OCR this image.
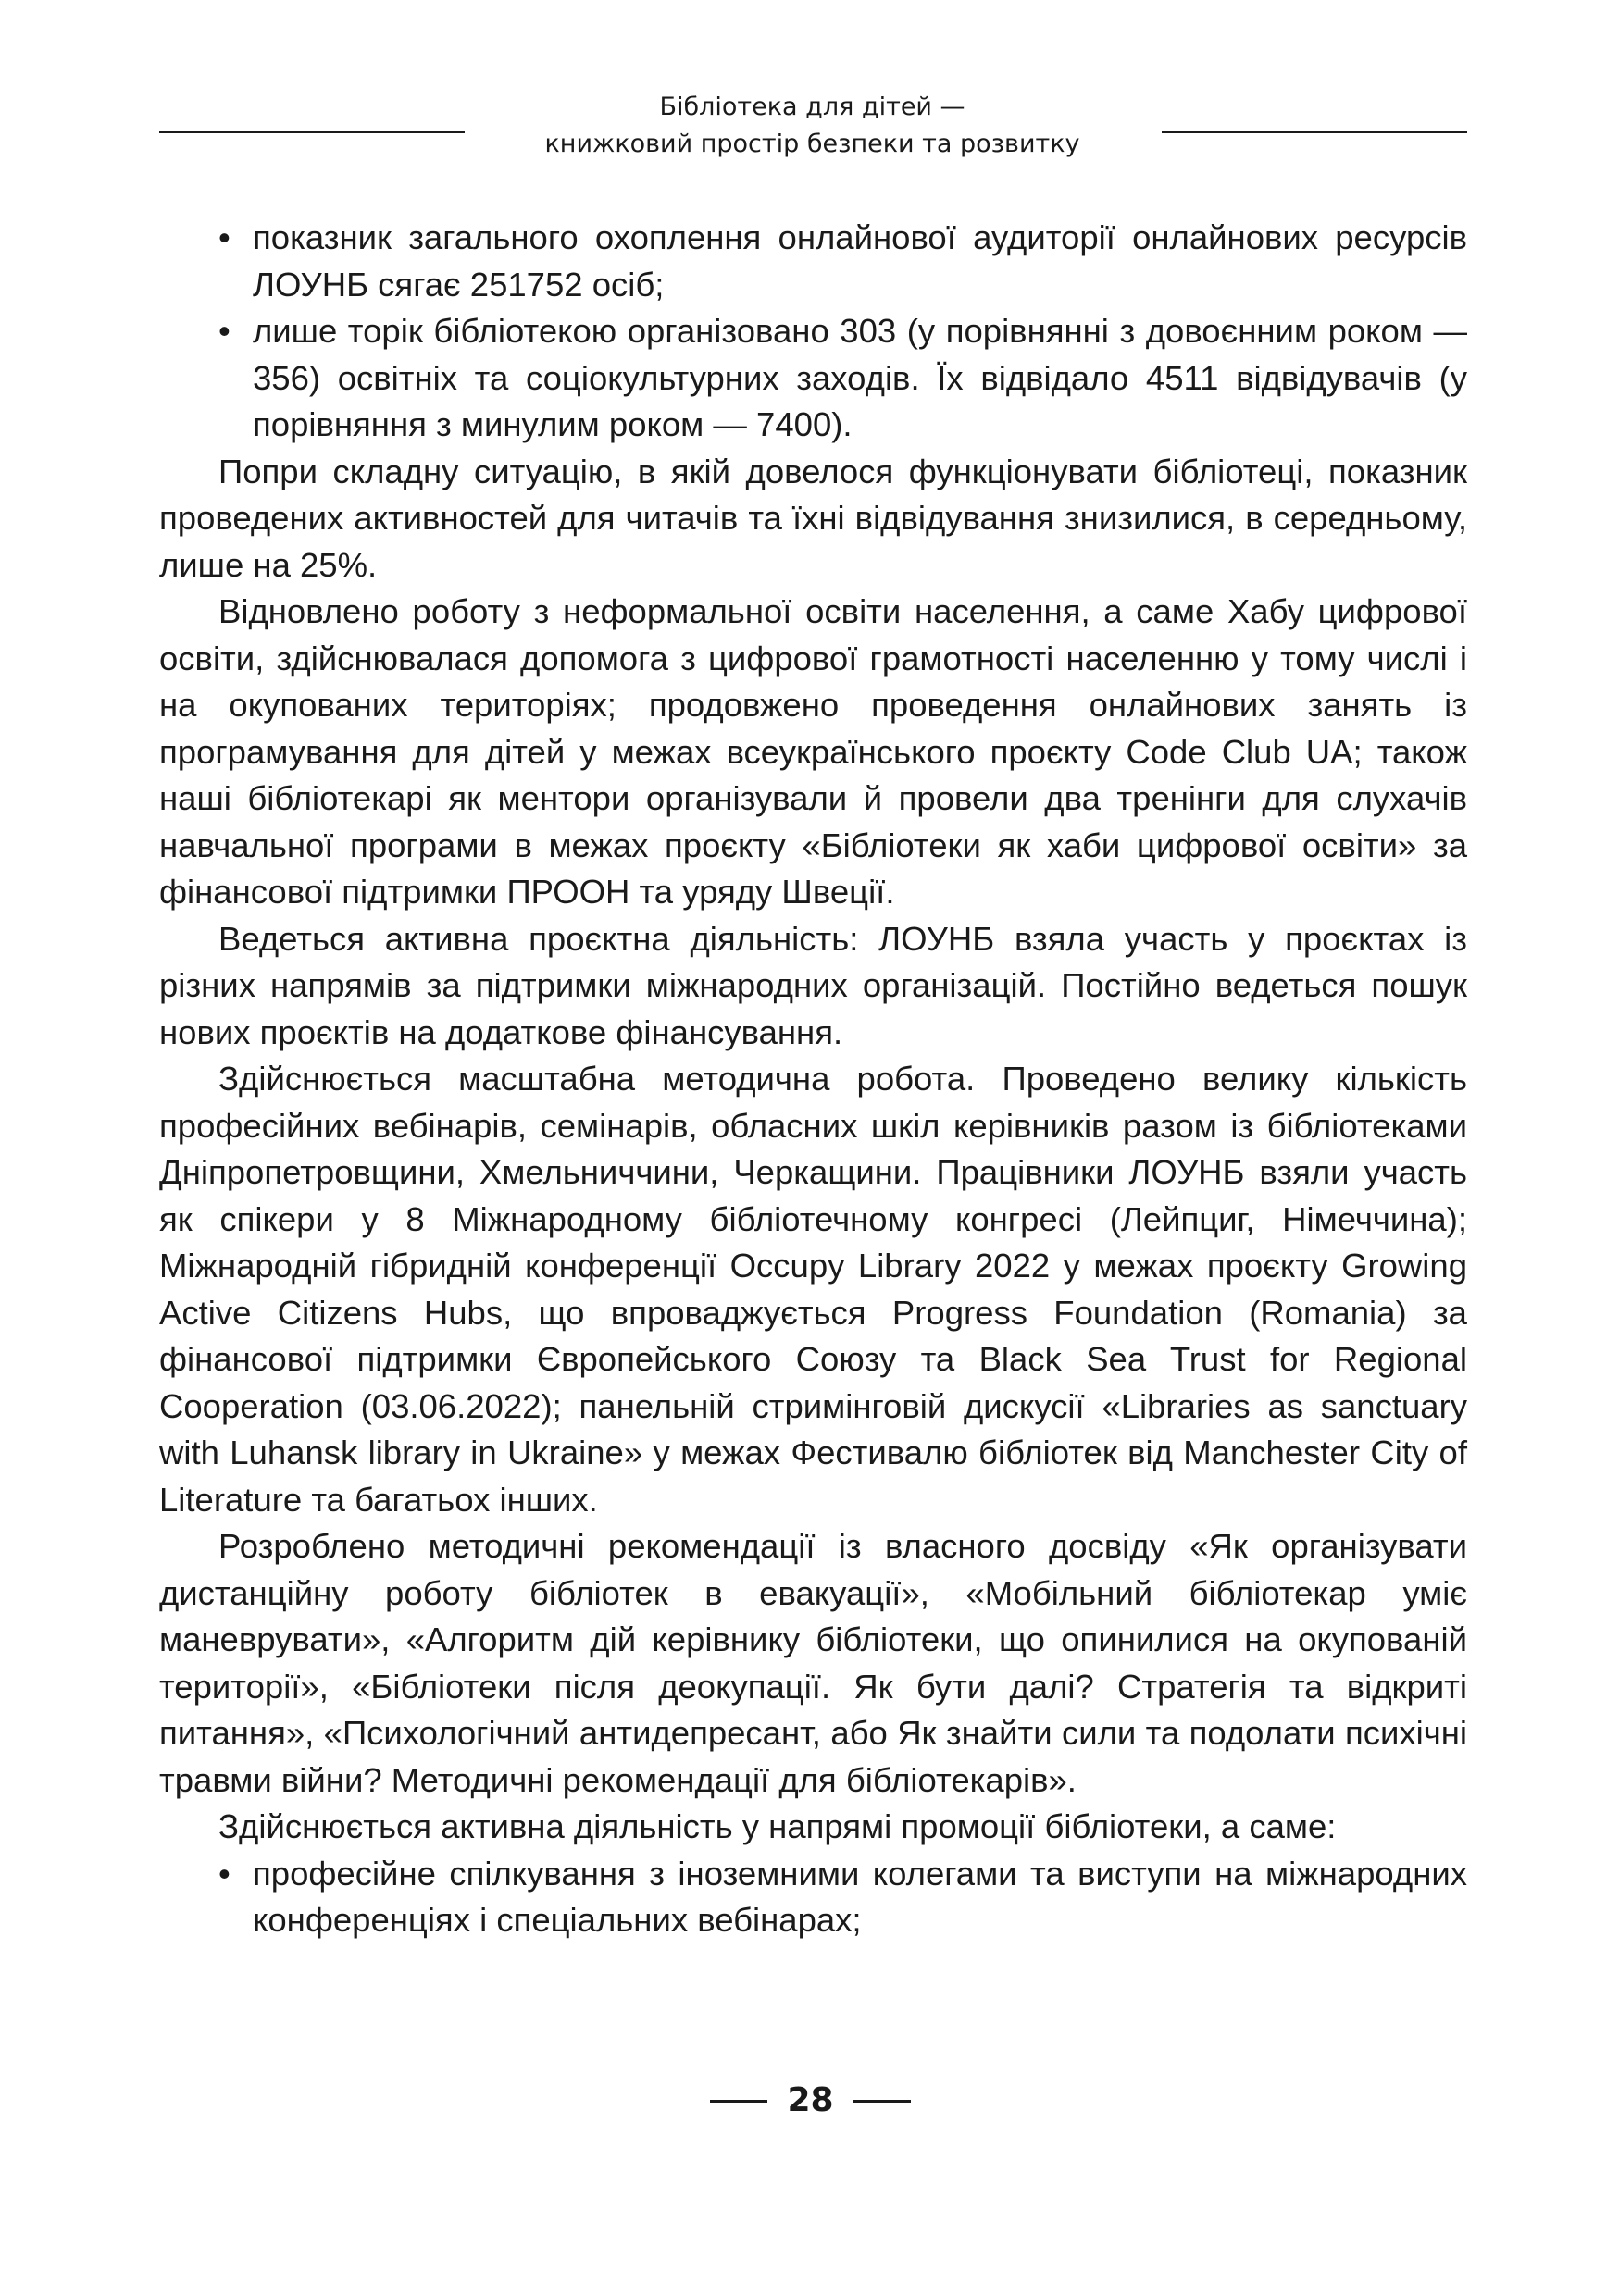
Бібліотека для дітей —
книжковий простір безпеки та розвитку
• показник загального охоплення онлайнової аудиторії онлайнових ресурсів ЛОУНБ сягає 251752 осіб;
• лише торік бібліотекою організовано 303 (у порівнянні з довоєнним роком — 356) освітніх та соціокультурних заходів. Їх відвідало 4511 відвідувачів (у порівняння з минулим роком — 7400).

Попри складну ситуацію, в якій довелося функціонувати бібліотеці, показник проведених активностей для читачів та їхні відвідування знизилися, в середньому, лише на 25%.

Відновлено роботу з неформальної освіти населення, а саме Хабу цифрової освіти, здійснювалася допомога з цифрової грамотності населенню у тому числі і на окупованих територіях; продовжено проведення онлайнових занять із програмування для дітей у межах всеукраїнського проєкту Code Club UA; також наші бібліотекарі як ментори організували й провели два тренінги для слухачів навчальної програми в межах проєкту «Бібліотеки як хаби цифрової освіти» за фінансової підтримки ПРООН та уряду Швеції.

Ведеться активна проєктна діяльність: ЛОУНБ взяла участь у проєктах із різних напрямів за підтримки міжнародних організацій. Постійно ведеться пошук нових проєктів на додаткове фінансування.

Здійснюється масштабна методична робота. Проведено велику кількість професійних вебінарів, семінарів, обласних шкіл керівників разом із бібліотеками Дніпропетровщини, Хмельниччини, Черкащини. Працівники ЛОУНБ взяли участь як спікери у 8 Міжнародному бібліотечному конгресі (Лейпциг, Німеччина); Міжнародній гібридній конференції Occupy Library 2022 у межах проєкту Growing Active Citizens Hubs, що впроваджується Progress Foundation (Romania) за фінансової підтримки Європейського Союзу та Black Sea Trust for Regional Cooperation (03.06.2022); панельній стримінговій дискусії «Libraries as sanctuary with Luhansk library in Ukraine» у межах Фестивалю бібліотек від Manchester City of Literature та багатьох інших.

Розроблено методичні рекомендації із власного досвіду «Як організувати дистанційну роботу бібліотек в евакуації», «Мобільний бібліотекар уміє маневрувати», «Алгоритм дій керівнику бібліотеки, що опинилися на окупованій території», «Бібліотеки після деокупації. Як бути далі? Стратегія та відкриті питання», «Психологічний антидепресант, або Як знайти сили та подолати психічні травми війни? Методичні рекомендації для бібліотекарів».

Здійснюється активна діяльність у напрямі промоції бібліотеки, а саме:

• професійне спілкування з іноземними колегами та виступи на міжнародних конференціях і спеціальних вебінарах;
28
